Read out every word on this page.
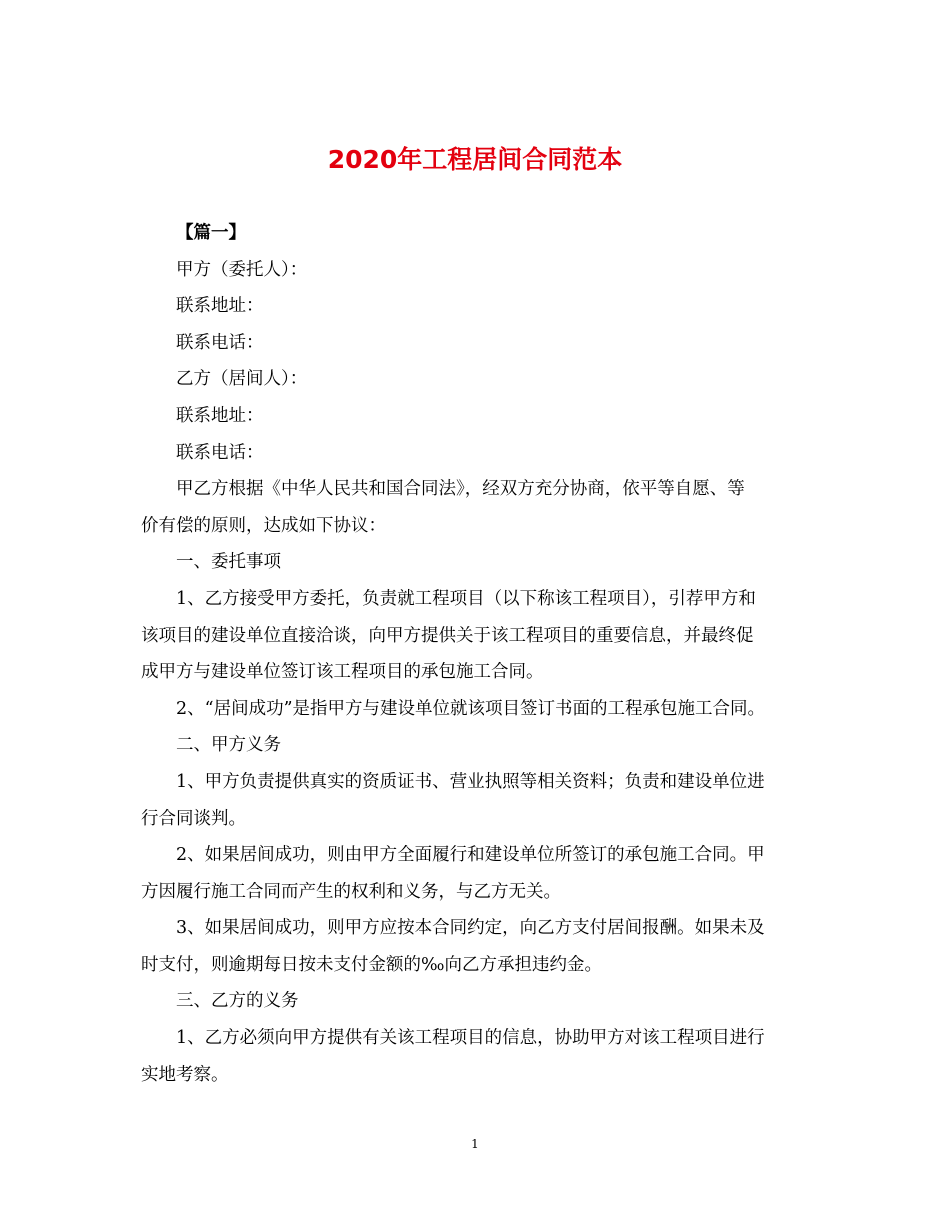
2020年工程居间合同范本
【篇一】
甲方（委托人）：
联系地址：
联系电话：
乙方（居间人）：
联系地址：
联系电话：
甲乙方根据《中华人民共和国合同法》，经双方充分协商，依平等自愿、等
价有偿的原则，达成如下协议：
一、委托事项
1、乙方接受甲方委托，负责就工程项目（以下称该工程项目），引荐甲方和
该项目的建设单位直接洽谈，向甲方提供关于该工程项目的重要信息，并最终促
成甲方与建设单位签订该工程项目的承包施工合同。
2、“居间成功”是指甲方与建设单位就该项目签订书面的工程承包施工合同。
二、甲方义务
1、甲方负责提供真实的资质证书、营业执照等相关资料；负责和建设单位进
行合同谈判。
2、如果居间成功，则由甲方全面履行和建设单位所签订的承包施工合同。甲
方因履行施工合同而产生的权利和义务，与乙方无关。
3、如果居间成功，则甲方应按本合同约定，向乙方支付居间报酬。如果未及
时支付，则逾期每日按未支付金额的‰向乙方承担违约金。
三、乙方的义务
1、乙方必须向甲方提供有关该工程项目的信息，协助甲方对该工程项目进行
实地考察。
1
